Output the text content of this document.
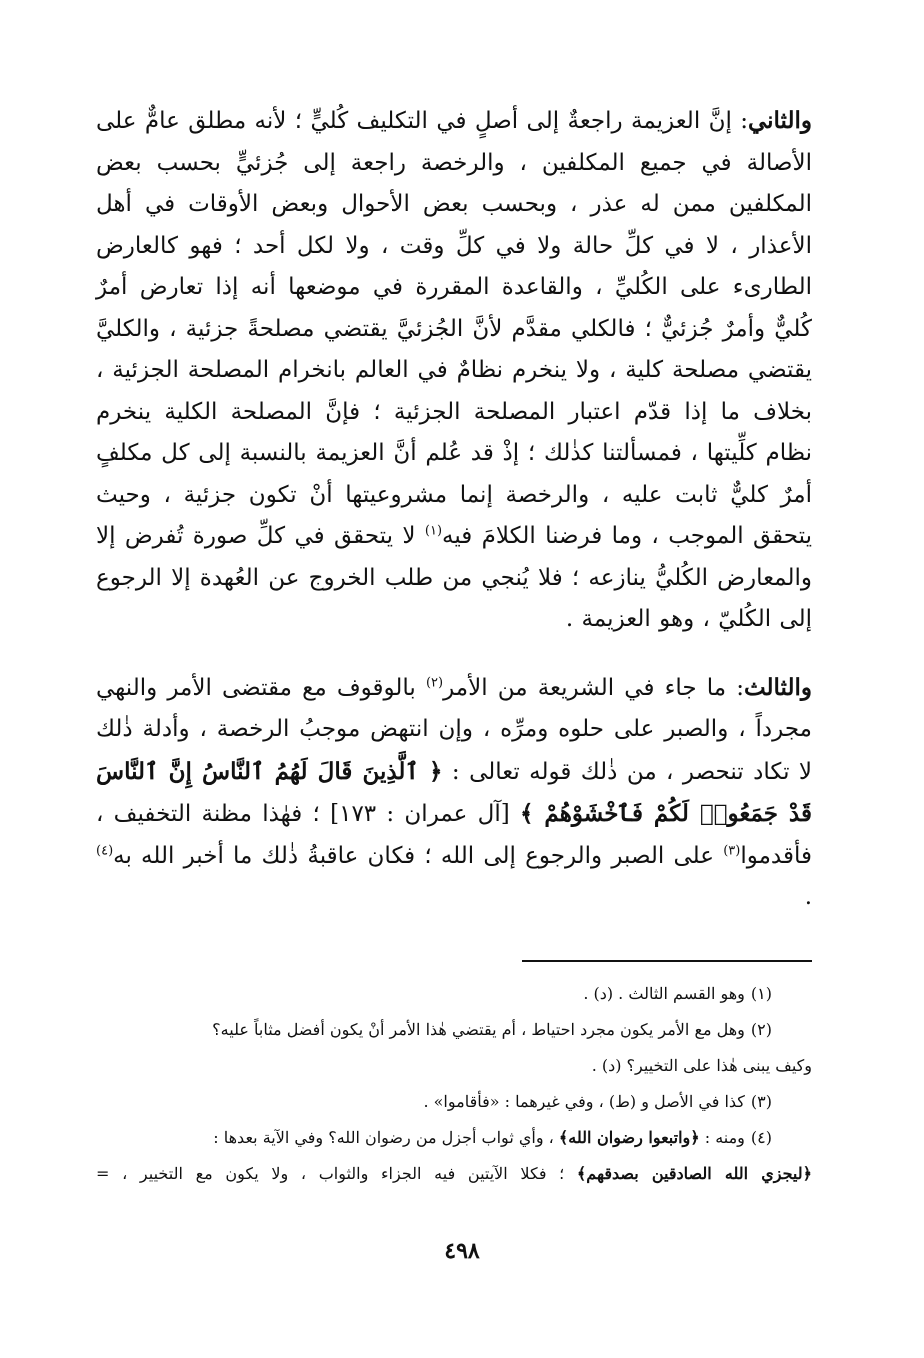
والثاني: إنَّ العزيمة راجعةٌ إلى أصلٍ في التكليف كُليٍّ ؛ لأنه مطلق عامٌّ على الأصالة في جميع المكلفين ، والرخصة راجعة إلى جُزئيٍّ بحسب بعض المكلفين ممن له عذر ، وبحسب بعض الأحوال وبعض الأوقات في أهل الأعذار ، لا في كلِّ حالة ولا في كلِّ وقت ، ولا لكل أحد ؛ فهو كالعارض الطارىء على الكُليِّ ، والقاعدة المقررة في موضعها أنه إذا تعارض أمرٌ كُليٌّ وأمرٌ جُزئيٌّ ؛ فالكلي مقدَّم لأنَّ الجُزئيَّ يقتضي مصلحةً جزئية ، والكليَّ يقتضي مصلحة كلية ، ولا ينخرم نظامٌ في العالم بانخرام المصلحة الجزئية ، بخلاف ما إذا قدّم اعتبار المصلحة الجزئية ؛ فإنَّ المصلحة الكلية ينخرم نظام كلِّيتها ، فمسألتنا كذٰلك ؛ إذْ قد عُلم أنَّ العزيمة بالنسبة إلى كل مكلفٍ أمرٌ كليٌّ ثابت عليه ، والرخصة إنما مشروعيتها أنْ تكون جزئية ، وحيث يتحقق الموجب ، وما فرضنا الكلامَ فيه$^{(١)}$ لا يتحقق في كلِّ صورة تُفرض إلا والمعارض الكُليُّ ينازعه ؛ فلا يُنجي من طلب الخروج عن العُهدة إلا الرجوع إلى الكُليّ ، وهو العزيمة .

والثالث: ما جاء في الشريعة من الأمر$^{(٢)}$ بالوقوف مع مقتضى الأمر والنهي مجرداً ، والصبر على حلوه ومرِّه ، وإن انتهض موجبُ الرخصة ، وأدلة ذٰلك لا تكاد تنحصر ، من ذٰلك قوله تعالى : ﴿ ٱلَّذِينَ قَالَ لَهُمُ ٱلنَّاسُ إِنَّ ٱلنَّاسَ قَدْ جَمَعُوا۟ لَكُمْ فَٱخْشَوْهُمْ ﴾ [آل عمران : ١٧٣] ؛ فهٰذا مظنة التخفيف ، فأقدموا$^{(٣)}$ على الصبر والرجوع إلى الله ؛ فكان عاقبةُ ذٰلك ما أخبر الله به$^{(٤)}$ .

(١)وهو القسم الثالث . (د) .

(٢)وهل مع الأمر يكون مجرد احتياط ، أم يقتضي هٰذا الأمر أنْ يكون أفضل مثاباً عليه؟

وكيف يبنى هٰذا على التخيير؟ (د) .

(٣)كذا في الأصل و (ط) ، وفي غيرهما : «فأقاموا» .

(٤)ومنه : ﴿واتبعوا رضوان الله﴾ ، وأي ثواب أجزل من رضوان الله؟ وفي الآية بعدها :

﴿ليجزي الله الصادقين بصدقهم﴾ ؛ فكلا الآيتين فيه الجزاء والثواب ، ولا يكون مع التخيير ، =

٤٩٨
